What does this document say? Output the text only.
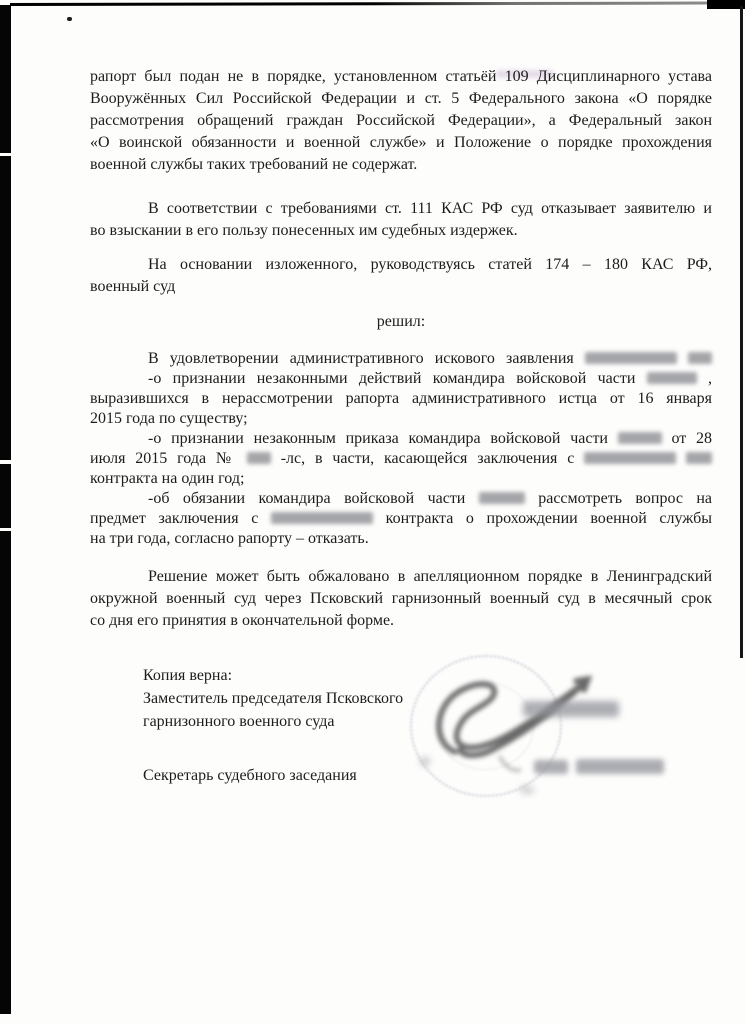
рапорт был подан не в порядке, установленном статьёй 109 Дисциплинарного устава
Вооружённых Сил Российской Федерации и ст. 5 Федерального закона «О порядке
рассмотрения обращений граждан Российской Федерации», а Федеральный закон
«О воинской обязанности и военной службе» и Положение о порядке прохождения
военной службы таких требований не содержат.
В соответствии с требованиями ст. 111 КАС РФ суд отказывает заявителю и
во взыскании в его пользу понесенных им судебных издержек.
На основании изложенного, руководствуясь статей 174 – 180 КАС РФ,
военный суд
решил:
В удовлетворении административного искового заявления
-о признании незаконными действий командира войсковой части	,
выразившихся в нерассмотрении рапорта административного истца от 16 января
2015 года по существу;
-о признании незаконным приказа командира войсковой части	от 28
июля 2015 года №	-лс, в части, касающейся заключения с
контракта на один год;
-об обязании командира войсковой части	рассмотреть вопрос на
предмет заключения с	контракта о прохождении военной службы
на три года, согласно рапорту – отказать.
Решение может быть обжаловано в апелляционном порядке в Ленинградский
окружной военный суд через Псковский гарнизонный военный суд в месячный срок
со дня его принятия в окончательной форме.
Копия верна:
Заместитель председателя Псковского
гарнизонного военного суда
Секретарь судебного заседания
